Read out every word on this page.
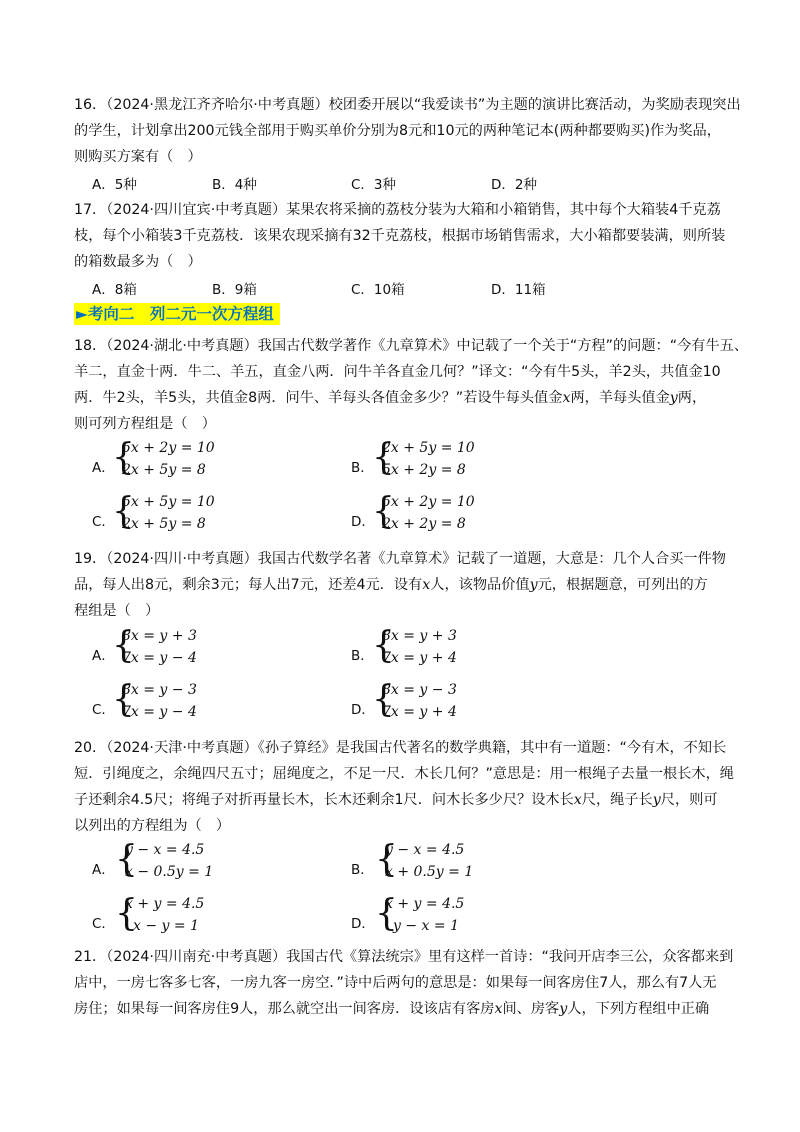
16．（2024·黑龙江齐齐哈尔·中考真题）校团委开展以“我爱读书”为主题的演讲比赛活动，为奖励表现突出
的学生，计划拿出200元钱全部用于购买单价分别为8元和10元的两种笔记本(两种都要购买)作为奖品，
则购买方案有（　）
A．5种	B．4种	C．3种	D．2种
17．（2024·四川宜宾·中考真题）某果农将采摘的荔枝分装为大箱和小箱销售，其中每个大箱装4千克荔
枝，每个小箱装3千克荔枝．该果农现采摘有32千克荔枝，根据市场销售需求，大小箱都要装满，则所装
的箱数最多为（　）
A．8箱	B．9箱	C．10箱	D．11箱
►考向二　列二元一次方程组
18．（2024·湖北·中考真题）我国古代数学著作《九章算术》中记载了一个关于“方程”的问题：“今有牛五、
羊二，直金十两．牛二、羊五，直金八两．问牛羊各直金几何？”译文：“今有牛5头，羊2头，共值金10
两．牛2头，羊5头，共值金8两．问牛、羊每头各值金多少？”若设牛每头值金x两，羊每头值金y两，
则可列方程组是（　）
A．
{
5x + 2y = 10
2x + 5y = 8	B．
{
2x + 5y = 10
5x + 2y = 8
C．
{
5x + 5y = 10
2x + 5y = 8	D．
{
5x + 2y = 10
2x + 2y = 8
19．（2024·四川·中考真题）我国古代数学名著《九章算术》记载了一道题，大意是：几个人合买一件物
品，每人出8元，剩余3元；每人出7元，还差4元．设有x人，该物品价值y元，根据题意，可列出的方
程组是（　）
A．
{
8x = y + 3
7x = y − 4	B．
{
8x = y + 3
7x = y + 4
C．
{
8x = y − 3
7x = y − 4	D．
{
8x = y − 3
7x = y + 4
20．（2024·天津·中考真题）《孙子算经》是我国古代著名的数学典籍，其中有一道题：“今有木，不知长
短．引绳度之，余绳四尺五寸；屈绳度之，不足一尺．木长几何？”意思是：用一根绳子去量一根长木，绳
子还剩余4.5尺；将绳子对折再量长木，长木还剩余1尺．问木长多少尺？设木长x尺，绳子长y尺，则可
以列出的方程组为（　）
A． {
y − x = 4.5
x − 0.5y = 1	B． {
y − x = 4.5
x + 0.5y = 1
C． {
x + y = 4.5
x − y = 1	D． {
x + y = 4.5
y − x = 1
21．（2024·四川南充·中考真题）我国古代《算法统宗》里有这样一首诗：“我问开店李三公，众客都来到
店中，一房七客多七客，一房九客一房空．”诗中后两句的意思是：如果每一间客房住7人，那么有7人无
房住；如果每一间客房住9人，那么就空出一间客房．设该店有客房x间、房客y人，下列方程组中正确
